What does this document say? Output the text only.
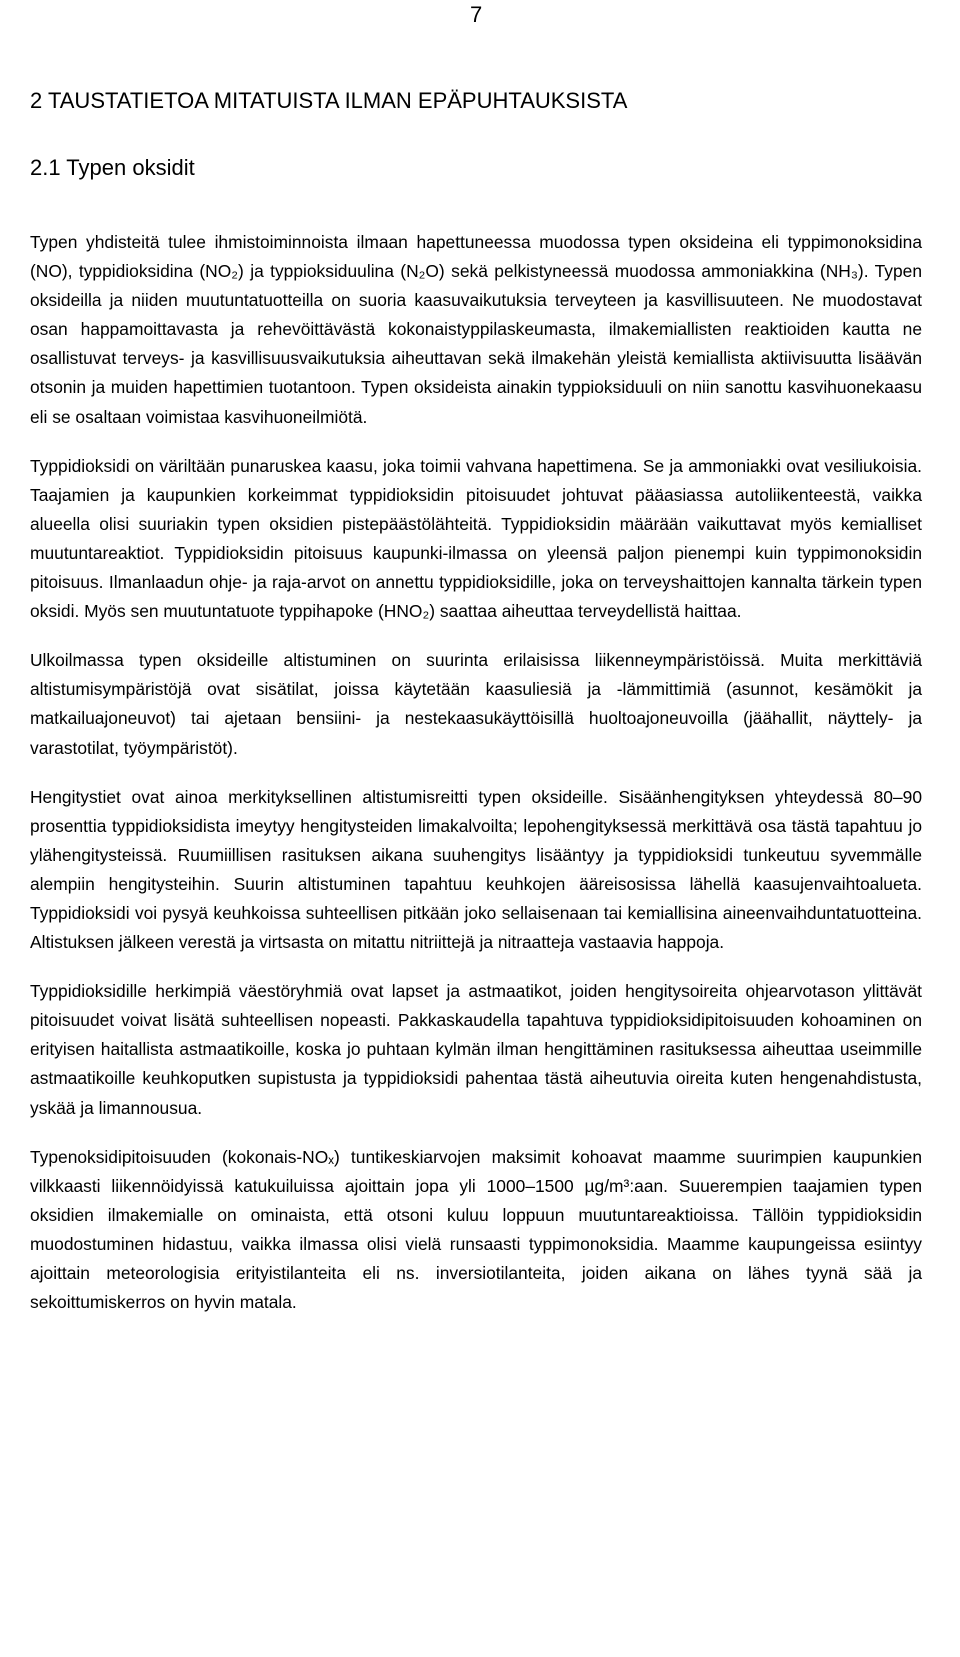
7
2 TAUSTATIETOA MITATUISTA ILMAN EPÄPUHTAUKSISTA
2.1 Typen oksidit

Typen yhdisteitä tulee ihmistoiminnoista ilmaan hapettuneessa muodossa typen oksideina eli typpimonoksidina (NO), typpidioksidina (NO₂) ja typpioksiduulina (N₂O) sekä pelkistyneessä muodossa ammoniakkina (NH₃). Typen oksideilla ja niiden muutuntatuotteilla on suoria kaasuvaikutuksia terveyteen ja kasvillisuuteen. Ne muodostavat osan happamoittavasta ja rehevöittävästä kokonaistyppilaskeumasta, ilmakemiallisten reaktioiden kautta ne osallistuvat terveys- ja kasvillisuusvaikutuksia aiheuttavan sekä ilmakehän yleistä kemiallista aktiivisuutta lisäävän otsonin ja muiden hapettimien tuotantoon. Typen oksideista ainakin typpioksiduuli on niin sanottu kasvihuonekaasu eli se osaltaan voimistaa kasvihuoneilmiötä.

Typpidioksidi on väriltään punaruskea kaasu, joka toimii vahvana hapettimena. Se ja ammoniakki ovat vesiliukoisia. Taajamien ja kaupunkien korkeimmat typpidioksidin pitoisuudet johtuvat pääasiassa autoliikenteestä, vaikka alueella olisi suuriakin typen oksidien pistepäästölähteitä. Typpidioksidin määrään vaikuttavat myös kemialliset muutuntareaktiot. Typpidioksidin pitoisuus kaupunki-ilmassa on yleensä paljon pienempi kuin typpimonoksidin pitoisuus. Ilmanlaadun ohje- ja raja-arvot on annettu typpidioksidille, joka on terveyshaittojen kannalta tärkein typen oksidi. Myös sen muutuntatuote typpihapoke (HNO₂) saattaa aiheuttaa terveydellistä haittaa.

Ulkoilmassa typen oksideille altistuminen on suurinta erilaisissa liikenneympäristöissä. Muita merkittäviä altistumisympäristöjä ovat sisätilat, joissa käytetään kaasuliesiä ja -lämmittimiä (asunnot, kesämökit ja matkailuajoneuvot) tai ajetaan bensiini- ja nestekaasukäyttöisillä huoltoajoneuvoilla (jäähallit, näyttely- ja varastotilat, työympäristöt).

Hengitystiet ovat ainoa merkityksellinen altistumisreitti typen oksideille. Sisäänhengityksen yhteydessä 80–90 prosenttia typpidioksidista imeytyy hengitysteiden limakalvoilta; lepohengityksessä merkittävä osa tästä tapahtuu jo ylähengitysteissä. Ruumiillisen rasituksen aikana suuhengitys lisääntyy ja typpidioksidi tunkeutuu syvemmälle alempiin hengitysteihin. Suurin altistuminen tapahtuu keuhkojen ääreisosissa lähellä kaasujenvaihtoalueta. Typpidioksidi voi pysyä keuhkoissa suhteellisen pitkään joko sellaisenaan tai kemiallisina aineenvaihduntatuotteina. Altistuksen jälkeen verestä ja virtsasta on mitattu nitriittejä ja nitraatteja vastaavia happoja.

Typpidioksidille herkimpiä väestöryhmiä ovat lapset ja astmaatikot, joiden hengitysoireita ohjearvotason ylittävät pitoisuudet voivat lisätä suhteellisen nopeasti. Pakkaskaudella tapahtuva typpidioksidipitoisuuden kohoaminen on erityisen haitallista astmaatikoille, koska jo puhtaan kylmän ilman hengittäminen rasituksessa aiheuttaa useimmille astmaatikoille keuhkoputken supistusta ja typpidioksidi pahentaa tästä aiheutuvia oireita kuten hengenahdistusta, yskää ja limannousua.

Typenoksidipitoisuuden (kokonais-NOₓ) tuntikeskiarvojen maksimit kohoavat maamme suurimpien kaupunkien vilkkaasti liikennöidyissä katukuiluissa ajoittain jopa yli 1000–1500 µg/m³:aan. Suuerempien taajamien typen oksidien ilmakemialle on ominaista, että otsoni kuluu loppuun muutuntareaktioissa. Tällöin typpidioksidin muodostuminen hidastuu, vaikka ilmassa olisi vielä runsaasti typpimonoksidia. Maamme kaupungeissa esiintyy ajoittain meteorologisia erityistilanteita eli ns. inversiotilanteita, joiden aikana on lähes tyynä sää ja sekoittumiskerros on hyvin matala.
